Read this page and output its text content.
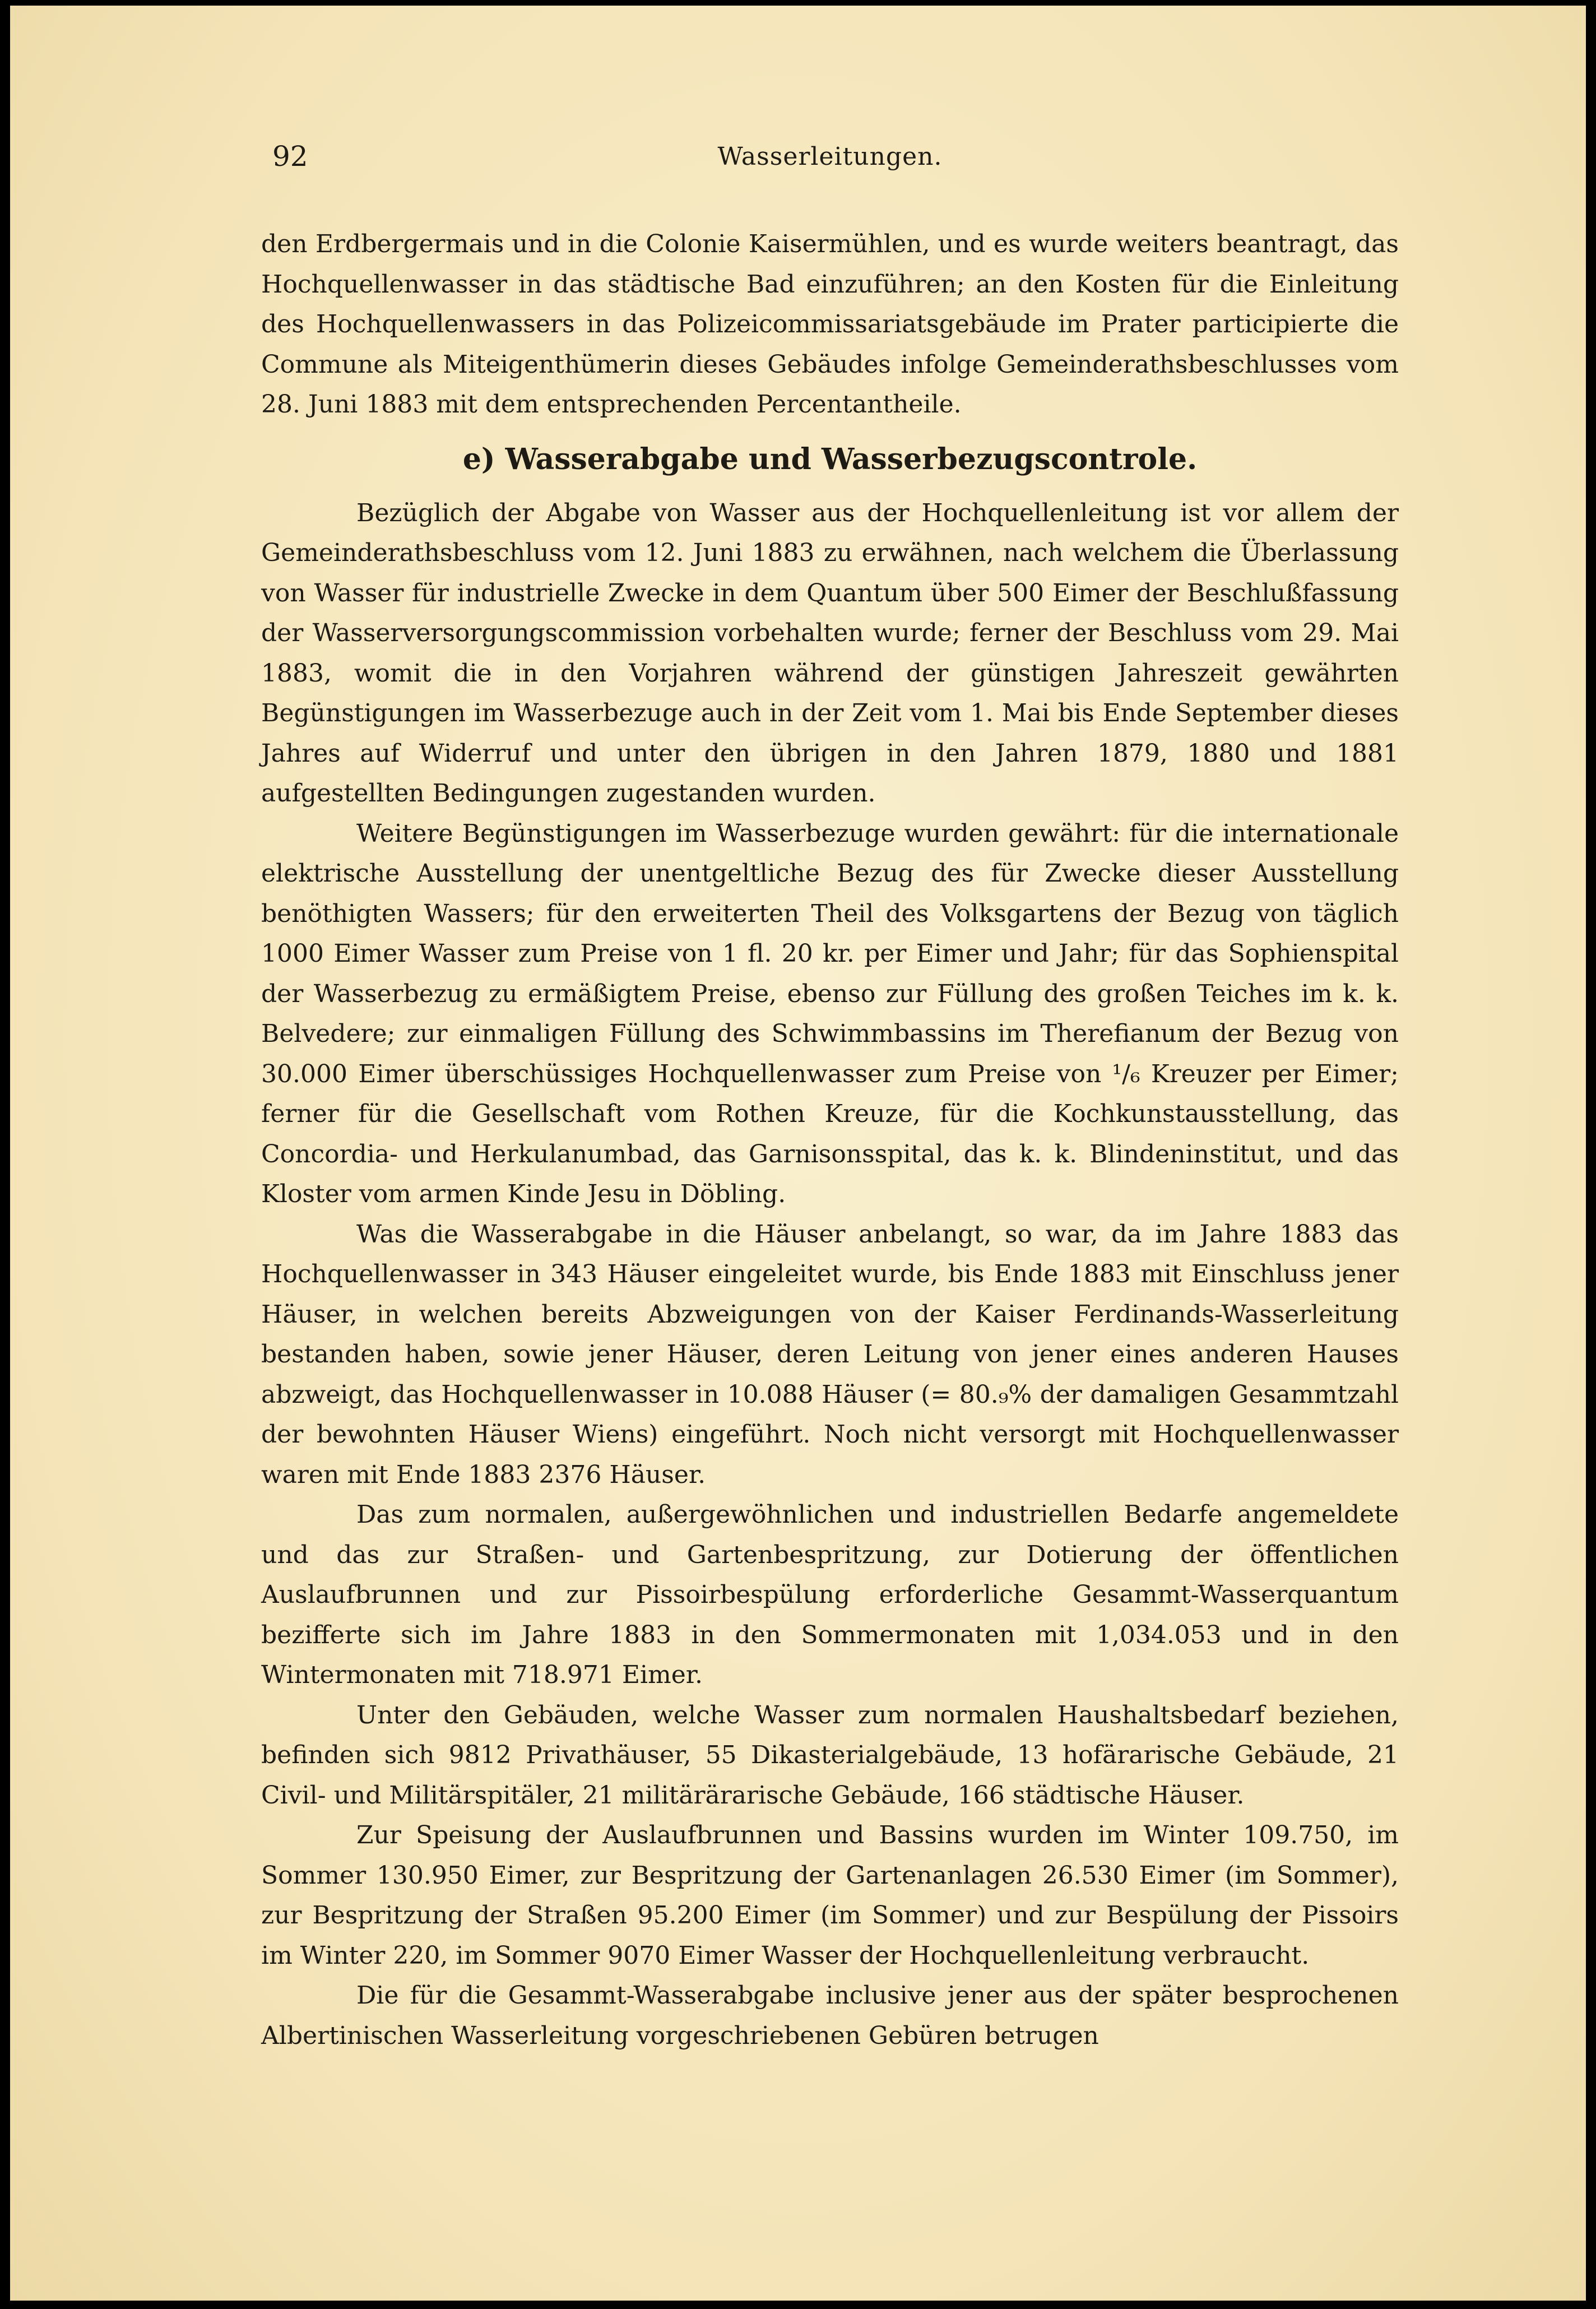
92	Wasserleitungen.

den Erdbergermais und in die Colonie Kaisermühlen, und es wurde weiters beantragt, das Hochquellenwasser in das städtische Bad einzuführen; an den Kosten für die Einleitung des Hochquellenwassers in das Polizeicommissariatsgebäude im Prater participierte die Commune als Miteigenthümerin dieses Gebäudes infolge Gemeinderathsbeschlusses vom 28. Juni 1883 mit dem entsprechenden Percentantheile.

e) Wasserabgabe und Wasserbezugscontrole.

Bezüglich der Abgabe von Wasser aus der Hochquellenleitung ist vor allem der Gemeinderathsbeschluss vom 12. Juni 1883 zu erwähnen, nach welchem die Überlassung von Wasser für industrielle Zwecke in dem Quantum über 500 Eimer der Beschlußfassung der Wasserversorgungscommission vorbehalten wurde; ferner der Beschluss vom 29. Mai 1883, womit die in den Vorjahren während der günstigen Jahreszeit gewährten Begünstigungen im Wasserbezuge auch in der Zeit vom 1. Mai bis Ende September dieses Jahres auf Widerruf und unter den übrigen in den Jahren 1879, 1880 und 1881 aufgestellten Bedingungen zugestanden wurden.

Weitere Begünstigungen im Wasserbezuge wurden gewährt: für die internationale elektrische Ausstellung der unentgeltliche Bezug des für Zwecke dieser Ausstellung benöthigten Wassers; für den erweiterten Theil des Volksgartens der Bezug von täglich 1000 Eimer Wasser zum Preise von 1 fl. 20 kr. per Eimer und Jahr; für das Sophienspital der Wasserbezug zu ermäßigtem Preise, ebenso zur Füllung des großen Teiches im k. k. Belvedere; zur einmaligen Füllung des Schwimmbassins im Therefianum der Bezug von 30.000 Eimer überschüssiges Hochquellenwasser zum Preise von ¹/₆ Kreuzer per Eimer; ferner für die Gesellschaft vom Rothen Kreuze, für die Kochkunstausstellung, das Concordia- und Herkulanumbad, das Garnisonsspital, das k. k. Blindeninstitut, und das Kloster vom armen Kinde Jesu in Döbling.

Was die Wasserabgabe in die Häuser anbelangt, so war, da im Jahre 1883 das Hochquellenwasser in 343 Häuser eingeleitet wurde, bis Ende 1883 mit Einschluss jener Häuser, in welchen bereits Abzweigungen von der Kaiser Ferdinands-Wasserleitung bestanden haben, sowie jener Häuser, deren Leitung von jener eines anderen Hauses abzweigt, das Hochquellenwasser in 10.088 Häuser (= 80.₉% der damaligen Gesammtzahl der bewohnten Häuser Wiens) eingeführt. Noch nicht versorgt mit Hochquellenwasser waren mit Ende 1883 2376 Häuser.

Das zum normalen, außergewöhnlichen und industriellen Bedarfe angemeldete und das zur Straßen- und Gartenbespritzung, zur Dotierung der öffentlichen Auslaufbrunnen und zur Pissoirbespülung erforderliche Gesammt-Wasserquantum bezifferte sich im Jahre 1883 in den Sommermonaten mit 1,034.053 und in den Wintermonaten mit 718.971 Eimer.

Unter den Gebäuden, welche Wasser zum normalen Haushaltsbedarf beziehen, befinden sich 9812 Privathäuser, 55 Dikasterialgebäude, 13 hofärarische Gebäude, 21 Civil- und Militärspitäler, 21 militärärarische Gebäude, 166 städtische Häuser.

Zur Speisung der Auslaufbrunnen und Bassins wurden im Winter 109.750, im Sommer 130.950 Eimer, zur Bespritzung der Gartenanlagen 26.530 Eimer (im Sommer), zur Bespritzung der Straßen 95.200 Eimer (im Sommer) und zur Bespülung der Pissoirs im Winter 220, im Sommer 9070 Eimer Wasser der Hochquellenleitung verbraucht.

Die für die Gesammt-Wasserabgabe inclusive jener aus der später besprochenen Albertinischen Wasserleitung vorgeschriebenen Gebüren betrugen
